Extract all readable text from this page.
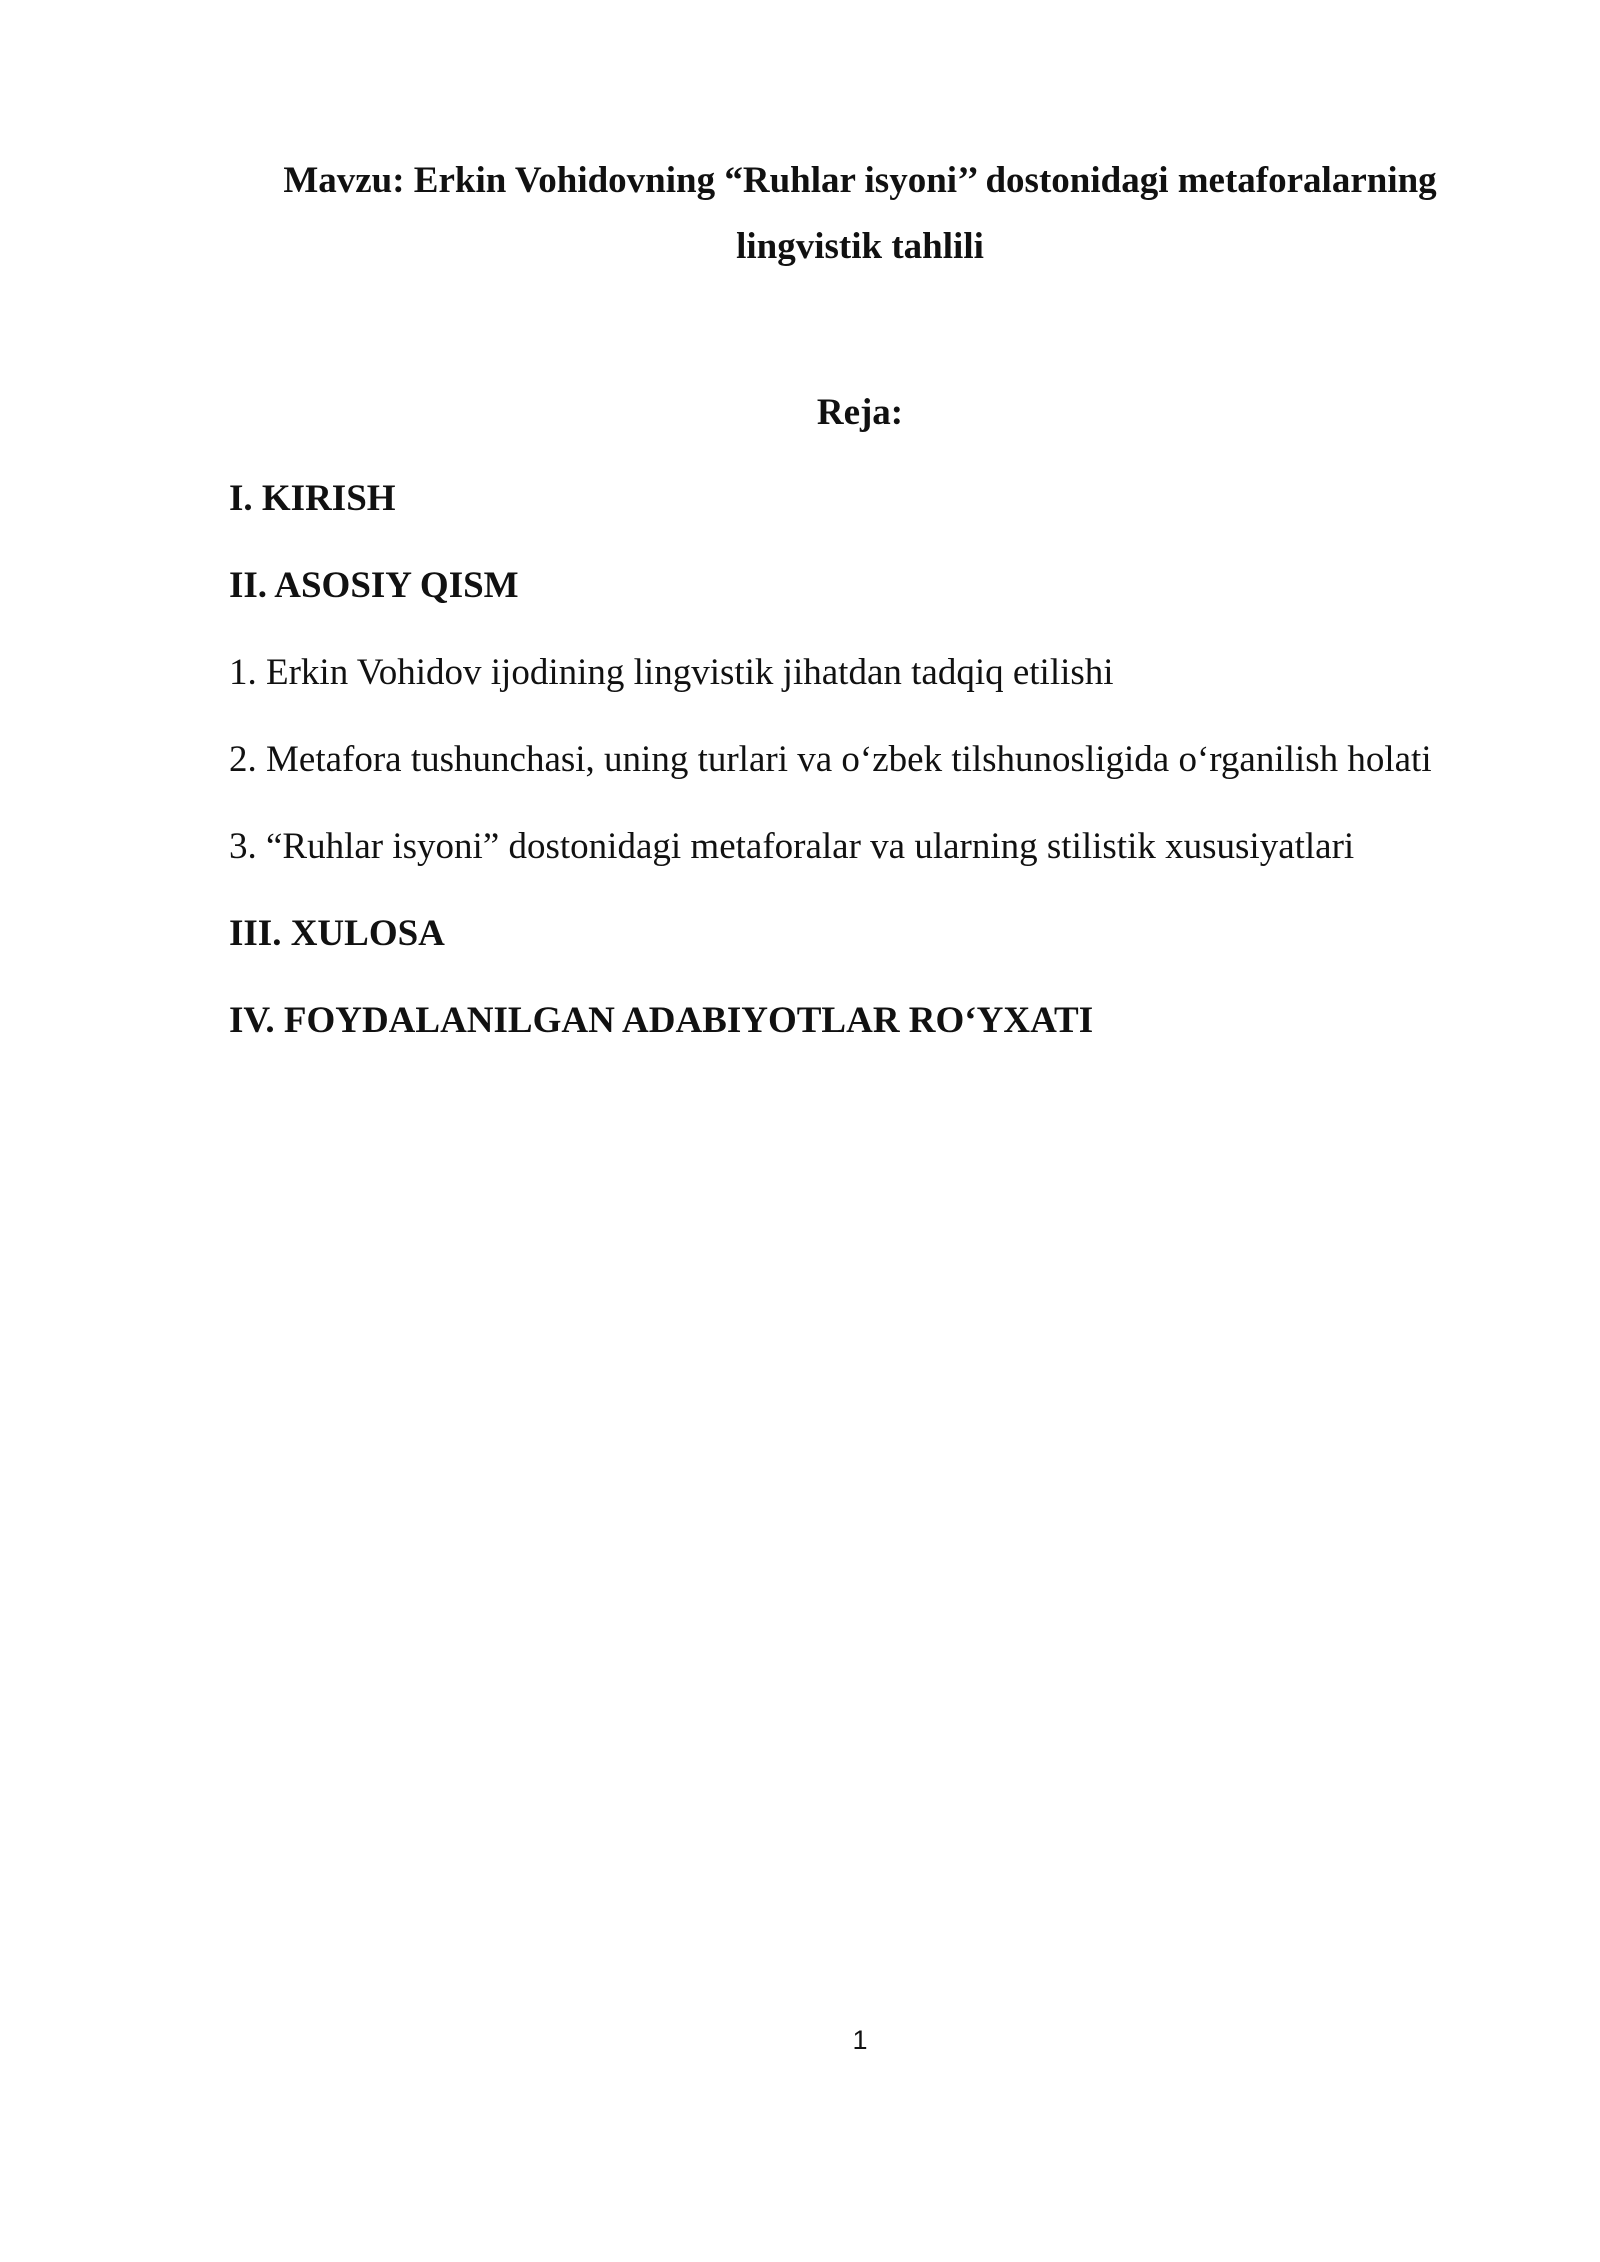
Mavzu: Erkin Vohidovning “Ruhlar isyoni’’ dostonidagi metaforalarning lingvistik tahlili
Reja:
I. KIRISH
II. ASOSIY QISM
1. Erkin Vohidov ijodining lingvistik jihatdan tadqiq etilishi
2. Metafora tushunchasi, uning turlari va o‘zbek tilshunosligida o‘rganilish holati
3. “Ruhlar isyoni” dostonidagi metaforalar va ularning stilistik xususiyatlari
III. XULOSA
IV. FOYDALANILGAN ADABIYOTLAR RO‘YXATI
1
